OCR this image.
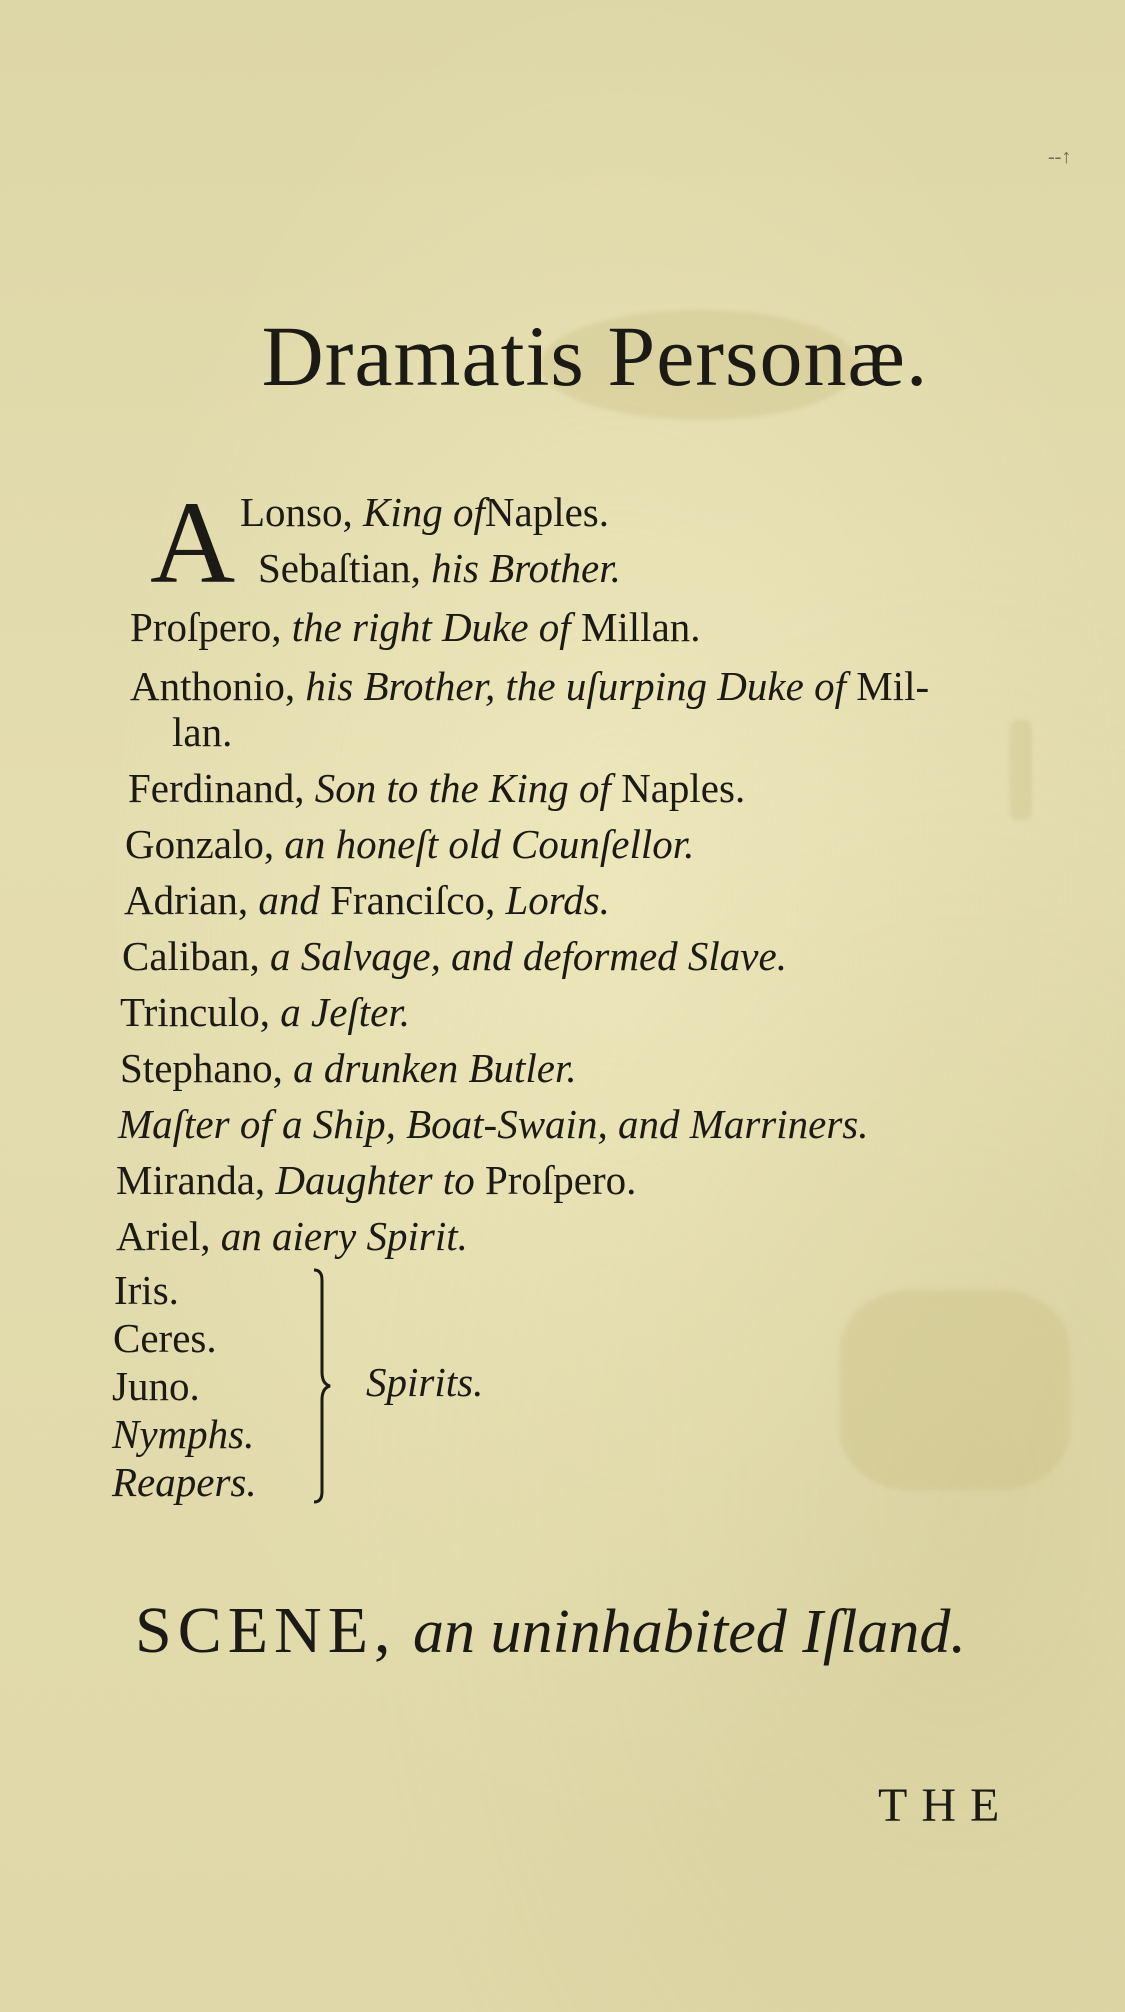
--↑
Dramatis Personæ.
A Lonso, King ofNaples.
Sebaſtian, his Brother.
Proſpero, the right Duke of Millan.
Anthonio, his Brother, the uſurping Duke of Mil-
lan.
Ferdinand, Son to the King of Naples.
Gonzalo, an honeſt old Counſellor.
Adrian, and Franciſco, Lords.
Caliban, a Salvage, and deformed Slave.
Trinculo, a Jeſter.
Stephano, a drunken Butler.
Maſter of a Ship, Boat-Swain, and Marriners.
Miranda, Daughter to Proſpero.
Ariel, an aiery Spirit.
Iris.
Ceres.
Juno.
Nymphs.
Reapers.
Spirits.
SCENE, an uninhabited Iſland.
THE
